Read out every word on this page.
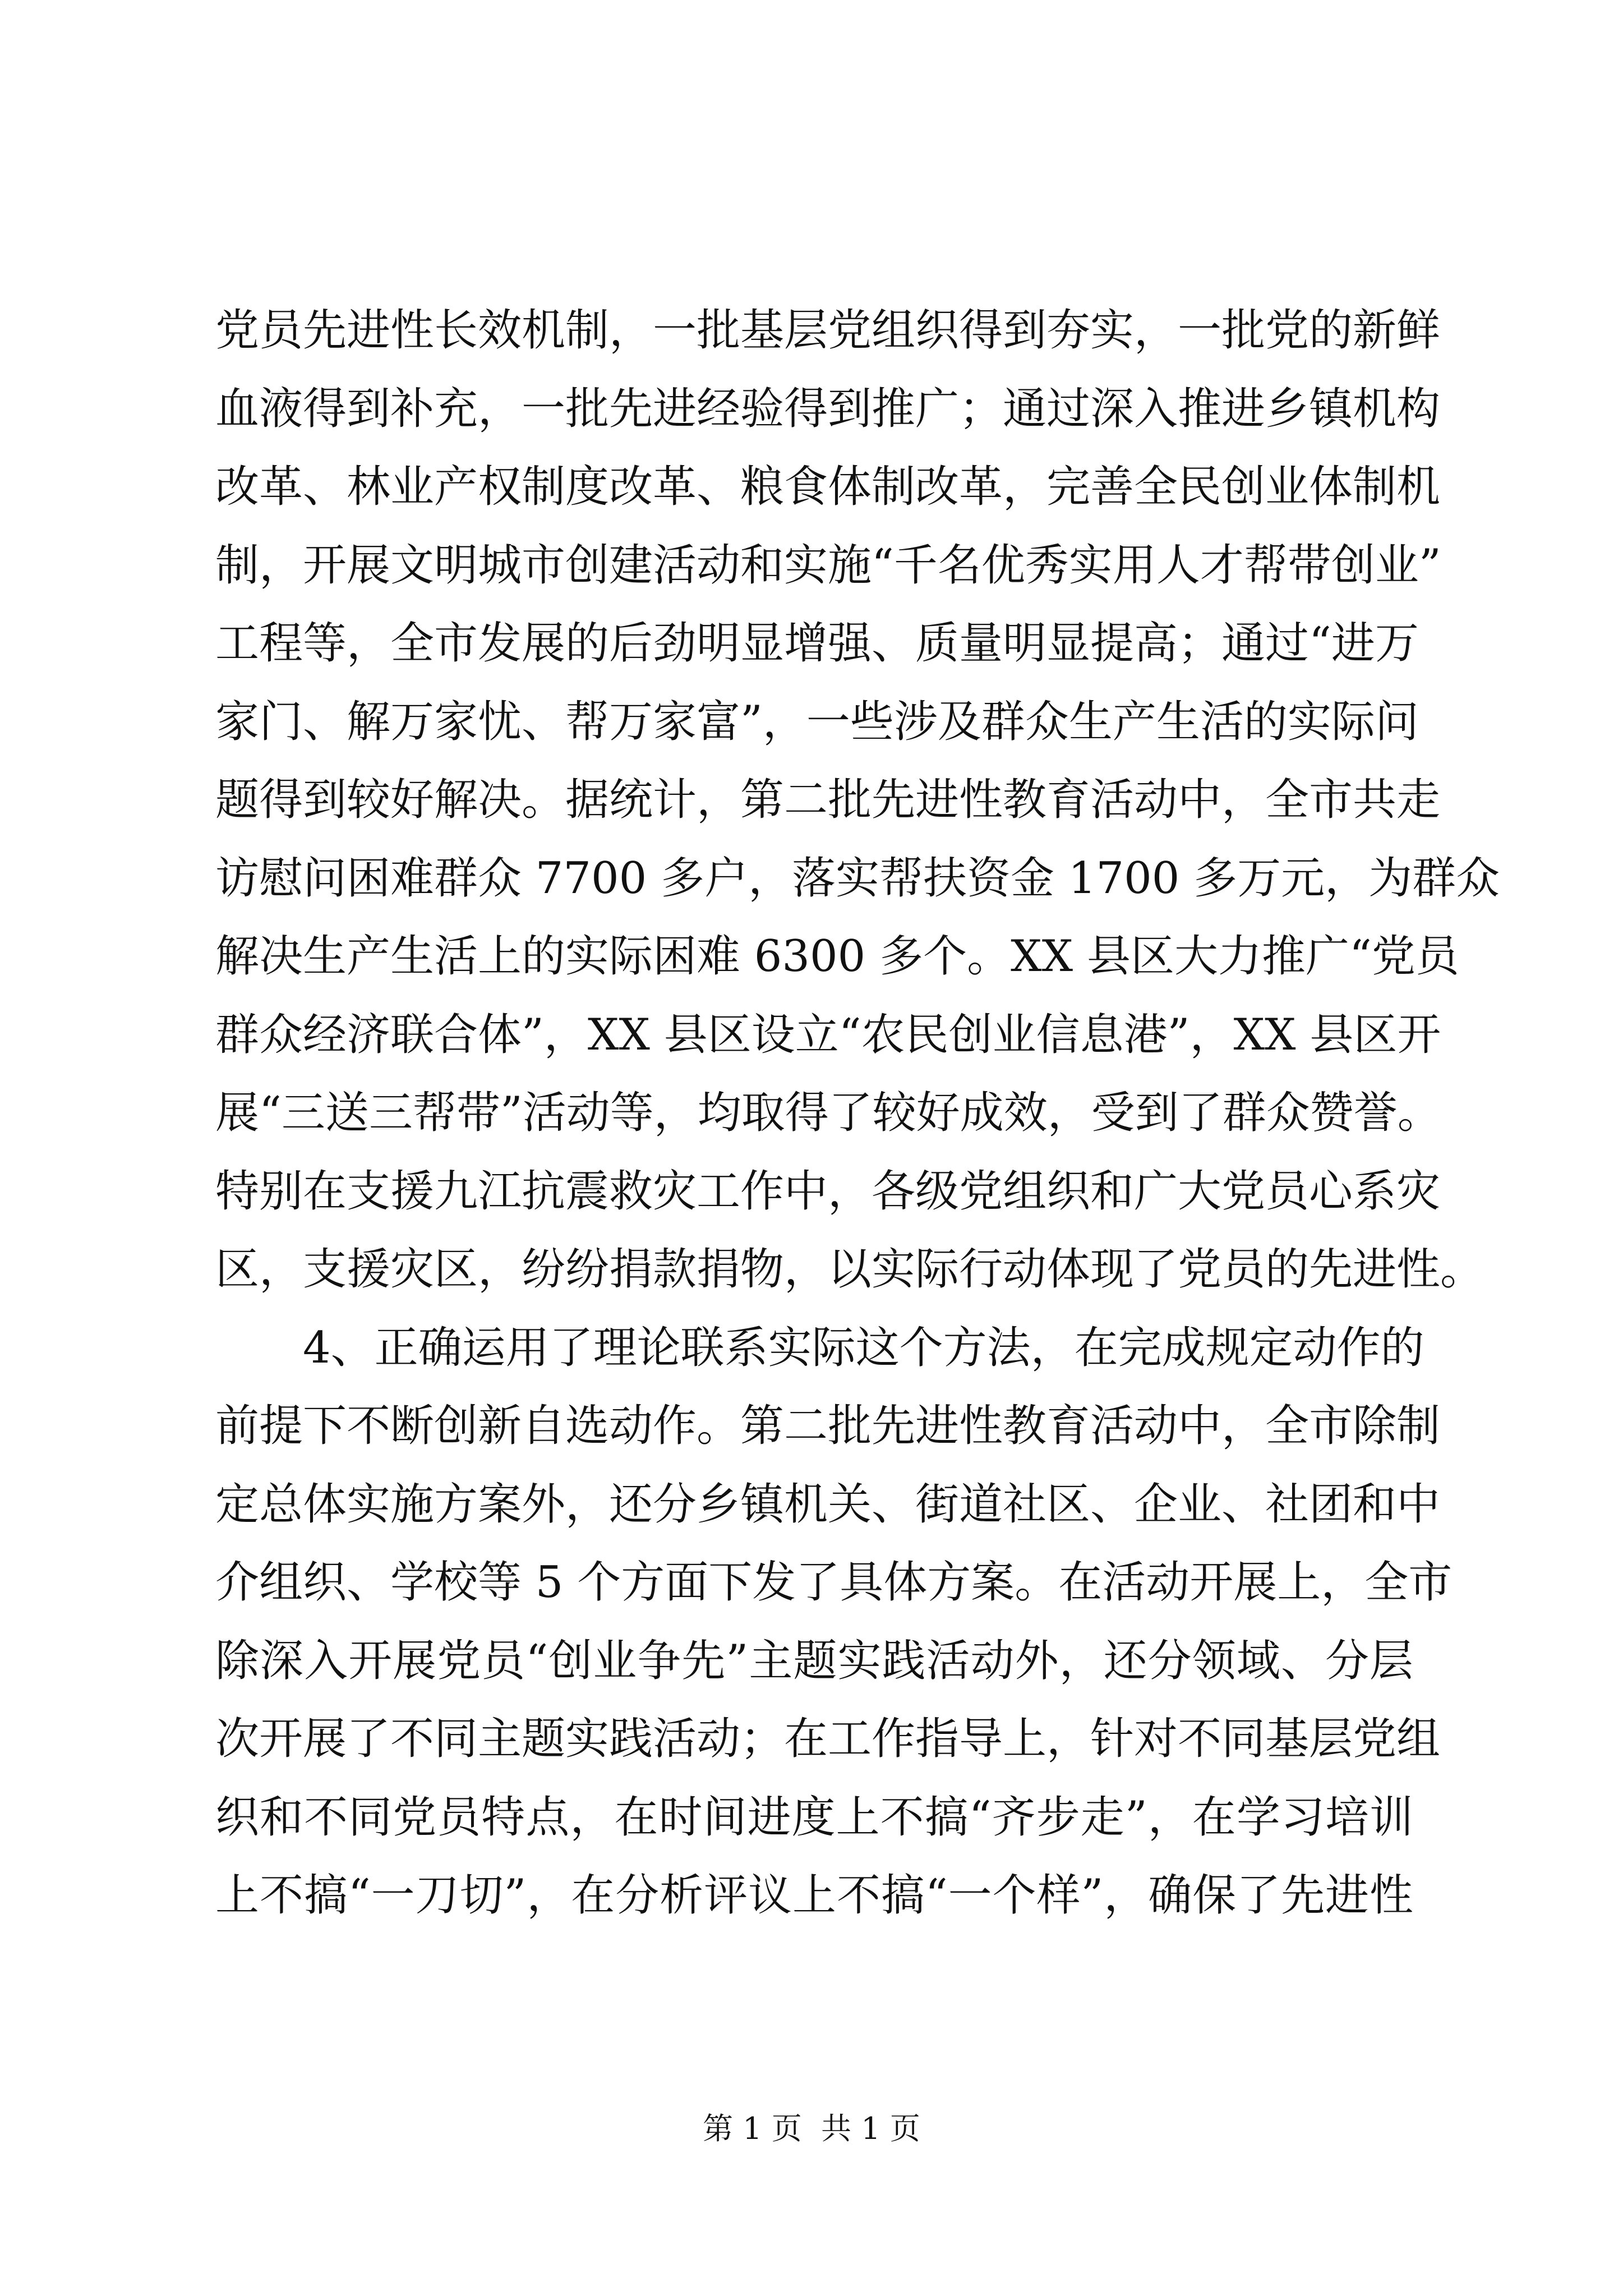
党员先进性长效机制，一批基层党组织得到夯实，一批党的新鲜
血液得到补充，一批先进经验得到推广；通过深入推进乡镇机构
改革、林业产权制度改革、粮食体制改革，完善全民创业体制机
制，开展文明城市创建活动和实施“千名优秀实用人才帮带创业”
工程等，全市发展的后劲明显增强、质量明显提高；通过“进万
家门、解万家忧、帮万家富”，一些涉及群众生产生活的实际问
题得到较好解决。据统计，第二批先进性教育活动中，全市共走
访慰问困难群众 7700 多户，落实帮扶资金 1700 多万元，为群众
解决生产生活上的实际困难 6300 多个。XX 县区大力推广“党员
群众经济联合体”，XX 县区设立“农民创业信息港”，XX 县区开
展“三送三帮带”活动等，均取得了较好成效，受到了群众赞誉。
特别在支援九江抗震救灾工作中，各级党组织和广大党员心系灾
区，支援灾区，纷纷捐款捐物，以实际行动体现了党员的先进性。
4、正确运用了理论联系实际这个方法，在完成规定动作的
前提下不断创新自选动作。第二批先进性教育活动中，全市除制
定总体实施方案外，还分乡镇机关、街道社区、企业、社团和中
介组织、学校等 5 个方面下发了具体方案。在活动开展上，全市
除深入开展党员“创业争先”主题实践活动外，还分领域、分层
次开展了不同主题实践活动；在工作指导上，针对不同基层党组
织和不同党员特点，在时间进度上不搞“齐步走”，在学习培训
上不搞“一刀切”，在分析评议上不搞“一个样”，确保了先进性
第 1 页  共 1 页
